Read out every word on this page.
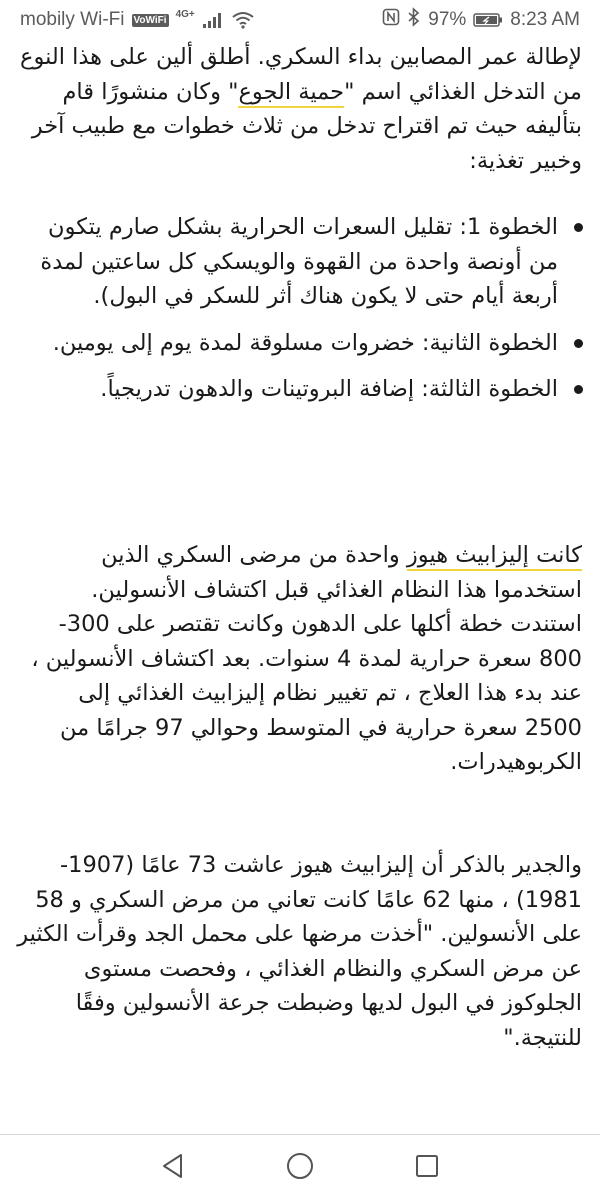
mobily Wi-Fi VoWiFi
4G+	97% 8:23 AM

لإطالة عمر المصابين بداء السكري. أطلق ألين على هذا النوع من التدخل الغذائي اسم "حمية الجوع" وكان منشورًا قام بتأليفه حيث تم اقتراح تدخل من ثلاث خطوات مع طبيب آخر وخبير تغذية:

الخطوة 1: تقليل السعرات الحرارية بشكل صارم يتكون من أونصة واحدة من القهوة والويسكي كل ساعتين لمدة أربعة أيام حتى لا يكون هناك أثر للسكر في البول).
الخطوة الثانية: خضروات مسلوقة لمدة يوم إلى يومين.
الخطوة الثالثة: إضافة البروتينات والدهون تدريجياً.

كانت إليزابيث هيوز واحدة من مرضى السكري الذين استخدموا هذا النظام الغذائي قبل اكتشاف الأنسولين. استندت خطة أكلها على الدهون وكانت تقتصر على 300-800 سعرة حرارية لمدة 4 سنوات. بعد اكتشاف الأنسولين ، عند بدء هذا العلاج ، تم تغيير نظام إليزابيث الغذائي إلى 2500 سعرة حرارية في المتوسط وحوالي 97 جرامًا من الكربوهيدرات.

والجدير بالذكر أن إليزابيث هيوز عاشت 73 عامًا (1907-1981) ، منها 62 عامًا كانت تعاني من مرض السكري و 58 على الأنسولين. "أخذت مرضها على محمل الجد وقرأت الكثير عن مرض السكري والنظام الغذائي ، وفحصت مستوى الجلوكوز في البول لديها وضبطت جرعة الأنسولين وفقًا للنتيجة."
